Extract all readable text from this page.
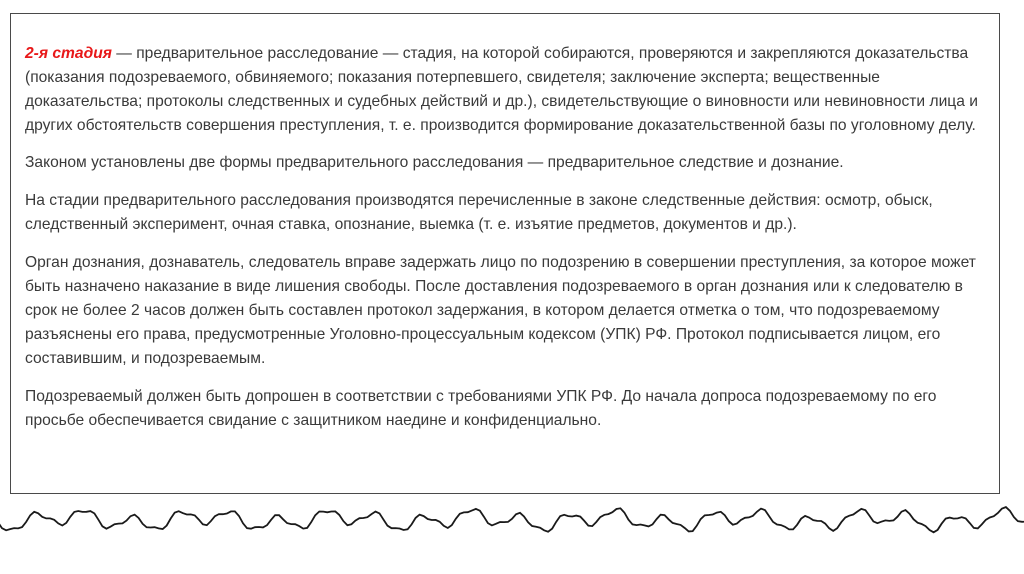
2-я стадия — предварительное расследование — стадия, на которой собираются, проверяются и закрепляются доказательства (показания подозреваемого, обвиняемого; показания потерпевшего, свидетеля; заключение эксперта; вещественные доказательства; протоколы следственных и судебных действий и др.), свидетельствующие о виновности или невиновности лица и других обстоятельств совершения преступления, т. е. производится формирование доказательственной базы по уголовному делу.

Законом установлены две формы предварительного расследования — предварительное следствие и дознание.

На стадии предварительного расследования производятся перечисленные в законе следственные действия: осмотр, обыск, следственный эксперимент, очная ставка, опознание, выемка (т. е. изъятие предметов, документов и др.).

Орган дознания, дознаватель, следователь вправе задержать лицо по подозрению в совершении преступления, за которое может быть назначено наказание в виде лишения свободы. После доставления подозреваемого в орган дознания или к следователю в срок не более 2 часов должен быть составлен протокол задержания, в котором делается отметка о том, что подозреваемому разъяснены его права, предусмотренные Уголовно-процессуальным кодексом (УПК) РФ. Протокол подписывается лицом, его составившим, и подозреваемым.

Подозреваемый должен быть допрошен в соответствии с требованиями УПК РФ. До начала допроса подозреваемому по его просьбе обеспечивается свидание с защитником наедине и конфиденциально.
